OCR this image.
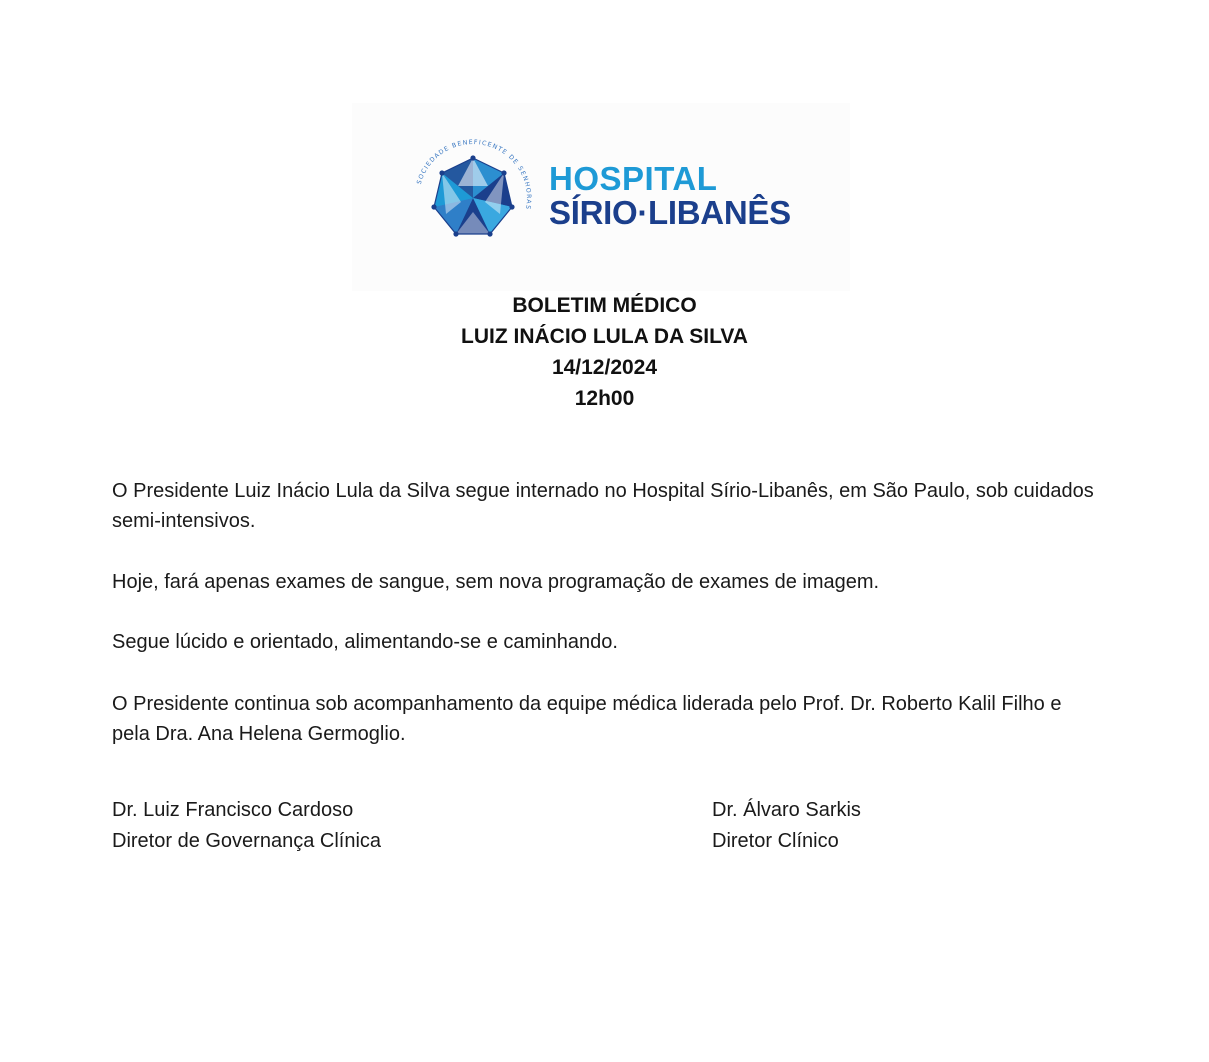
SOCIEDADE BENEFICENTE DE SENHORAS
HOSPITAL
SÍRIO·LIBANÊS
BOLETIM MÉDICO
LUIZ INÁCIO LULA DA SILVA
14/12/2024
12h00
O Presidente Luiz Inácio Lula da Silva segue internado no Hospital Sírio-Libanês, em São Paulo, sob cuidados semi-intensivos.
Hoje, fará apenas exames de sangue, sem nova programação de exames de imagem.
Segue lúcido e orientado, alimentando-se e caminhando.
O Presidente continua sob acompanhamento da equipe médica liderada pelo Prof. Dr. Roberto Kalil Filho e pela Dra. Ana Helena Germoglio.
Dr. Luiz Francisco Cardoso
Diretor de Governança Clínica
Dr. Álvaro Sarkis
Diretor Clínico
